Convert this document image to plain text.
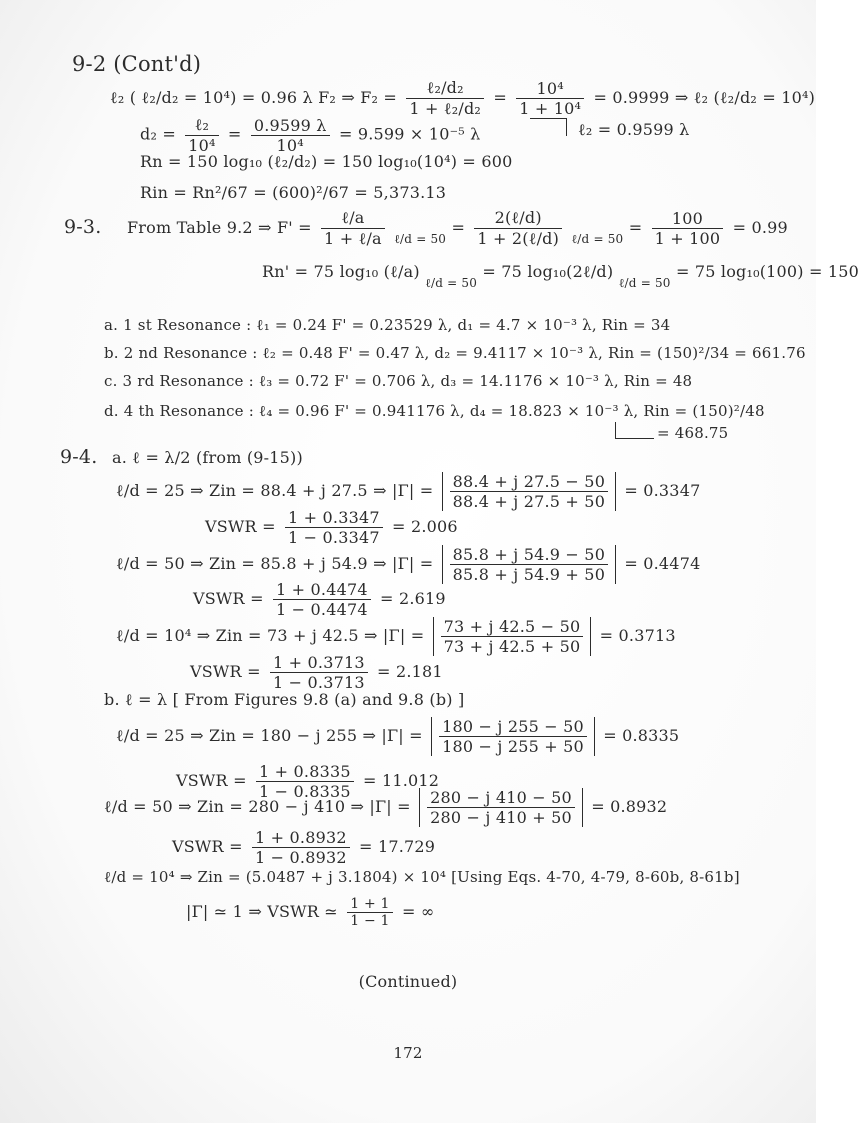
9-2 (Cont'd)
ℓ₂ ( ℓ₂/d₂ = 10⁴) = 0.96 λ F₂ ⇒ $F_2 = \frac{\text{ℓ₂/d₂}}{\text{1 + ℓ₂/d₂}} = \frac{\text{10⁴}}{\text{1 + 10⁴}} = 0.9999$ ⇒ ℓ₂ (ℓ₂/d₂ = 10⁴)
$d_2 = \frac{\text{ℓ₂}}{\text{10⁴}} = \frac{0.9599 \lambda}{\text{10⁴}} = 9.599 \times 10^{-5}$ λ	ℓ₂ = 0.9599 λ
Rn = 150 log₁₀ (ℓ₂/d₂) = 150 log₁₀(10⁴) = 600
Rin = Rn²/67 = (600)²/67 = 5,373.13
9-3. From Table 9.2 ⇒ $F' = \frac{\text{ℓ/a}}{\text{1 + ℓ/a}} _{\ell/d = 50} = \frac{\text{2(ℓ/d)}}{\text{1 + 2(ℓ/d)}} _{\ell/d = 50} = \frac{100}{1 + 100} = 0.99$
Rn' = 75 log₁₀ (ℓ/a) $_{\ell/d = 50}$ = 75 log₁₀(2ℓ/d) $_{\ell/d = 50}$ = 75 log₁₀(100) = 150
a. 1 st Resonance : ℓ₁ = 0.24 F' = 0.23529 λ, d₁ = 4.7 × 10⁻³ λ, Rin = 34
b. 2 nd Resonance : ℓ₂ = 0.48 F' = 0.47 λ, d₂ = 9.4117 × 10⁻³ λ, Rin = (150)²/34 = 661.76
c. 3 rd Resonance : ℓ₃ = 0.72 F' = 0.706 λ, d₃ = 14.1176 × 10⁻³ λ, Rin = 48
d. 4 th Resonance : ℓ₄ = 0.96 F' = 0.941176 λ, d₄ = 18.823 × 10⁻³ λ, Rin = (150)²/48
= 468.75
9-4. a. ℓ = λ/2 (from (9-15))
ℓ/d = 25 ⇒ Zin = 88.4 + j 27.5 ⇒ $|\Gamma| = \frac{88.4 + j 27.5 - 50}{88.4 + j 27.5 + 50} = 0.3347$
VSWR = $\frac{1 + 0.3347}{1 - 0.3347} = 2.006$
ℓ/d = 50 ⇒ Zin = 85.8 + j 54.9 ⇒ $|\Gamma| = \frac{85.8 + j 54.9 - 50}{85.8 + j 54.9 + 50} = 0.4474$
VSWR = $\frac{1 + 0.4474}{1 - 0.4474} = 2.619$
ℓ/d = 10⁴ ⇒ Zin = 73 + j 42.5 ⇒ $|\Gamma| = \frac{73 + j 42.5 - 50}{73 + j 42.5 + 50} = 0.3713$
VSWR = $\frac{1 + 0.3713}{1 - 0.3713} = 2.181$
b. ℓ = λ [ From Figures 9.8 (a) and 9.8 (b) ]
ℓ/d = 25 ⇒ Zin = 180 − j 255 ⇒ $|\Gamma| = \frac{180 - j 255 - 50}{180 - j 255 + 50} = 0.8335$
VSWR = $\frac{1 + 0.8335}{1 - 0.8335} = 11.012$
ℓ/d = 50 ⇒ Zin = 280 − j 410 ⇒ $|\Gamma| = \frac{280 - j 410 - 50}{280 - j 410 + 50} = 0.8932$
VSWR = $\frac{1 + 0.8932}{1 - 0.8932} = 17.729$
ℓ/d = 10⁴ ⇒ Zin = (5.0487 + j 3.1804) × 10⁴ [Using Eqs. 4-70, 4-79, 8-60b, 8-61b]
|Γ| ≃ 1 ⇒ VSWR ≃ $\frac{1 + 1}{1 - 1}$ = ∞
(Continued)
172
